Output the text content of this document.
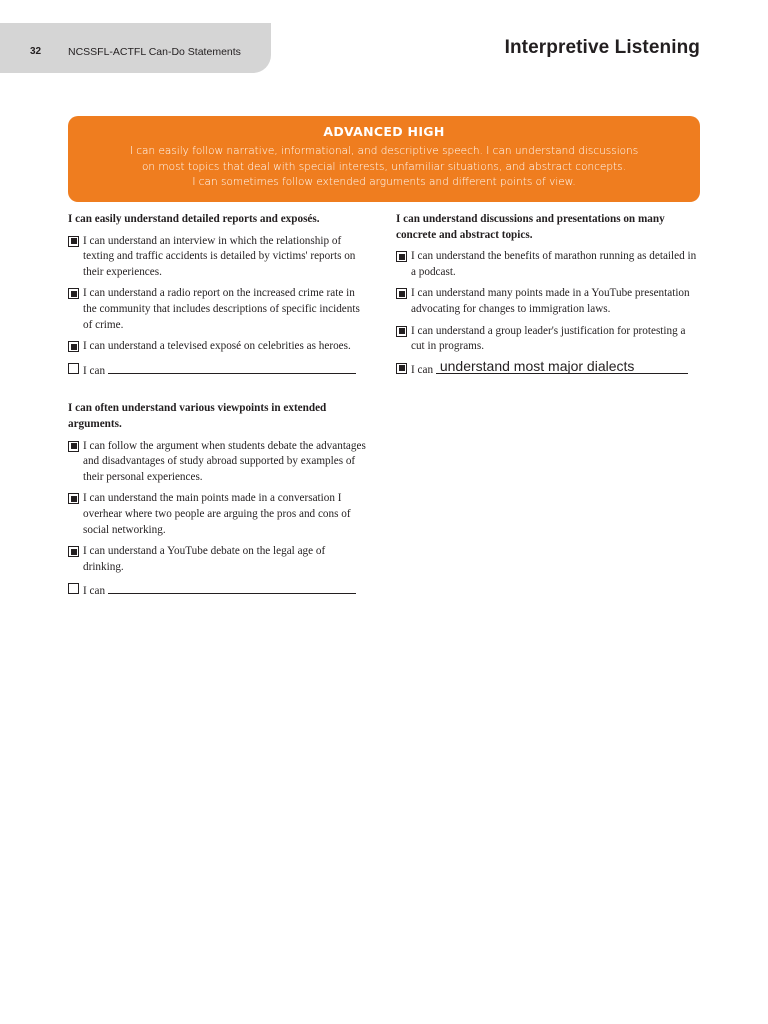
32	NCSSFL-ACTFL Can-Do Statements	Interpretive Listening
ADVANCED HIGH
I can easily follow narrative, informational, and descriptive speech. I can understand discussions
on most topics that deal with special interests, unfamiliar situations, and abstract concepts.
I can sometimes follow extended arguments and different points of view.
I can easily understand detailed reports and exposés.
I can understand an interview in which the relationship of texting and traffic accidents is detailed by victims' reports on their experiences.
I can understand a radio report on the increased crime rate in the community that includes descriptions of specific incidents of crime.
I can understand a televised exposé on celebrities as heroes.
I can
I can often understand various viewpoints in extended arguments.
I can follow the argument when students debate the advantages and disadvantages of study abroad supported by examples of their personal experiences.
I can understand the main points made in a conversation I overhear where two people are arguing the pros and cons of social networking.
I can understand a YouTube debate on the legal age of drinking.
I can
I can understand discussions and presentations on many concrete and abstract topics.
I can understand the benefits of marathon running as detailed in a podcast.
I can understand many points made in a YouTube presentation advocating for changes to immigration laws.
I can understand a group leader's justification for protesting a cut in programs.
I can understand most major dialects
